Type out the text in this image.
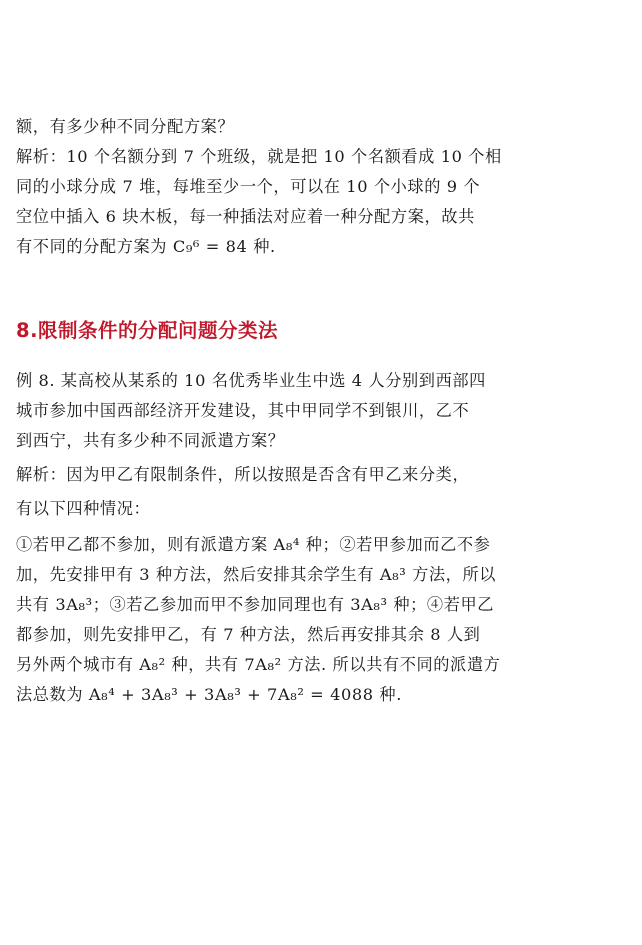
额，有多少种不同分配方案？

解析：10 个名额分到 7 个班级，就是把 10 个名额看成 10 个相

同的小球分成 7 堆，每堆至少一个，可以在 10 个小球的 9 个

空位中插入 6 块木板，每一种插法对应着一种分配方案，故共

有不同的分配方案为 C₉⁶ = 84 种.

8.限制条件的分配问题分类法

例 8. 某高校从某系的 10 名优秀毕业生中选 4 人分别到西部四

城市参加中国西部经济开发建设，其中甲同学不到银川，乙不

到西宁，共有多少种不同派遣方案？

解析：因为甲乙有限制条件，所以按照是否含有甲乙来分类，

有以下四种情况：

①若甲乙都不参加，则有派遣方案 A₈⁴ 种；②若甲参加而乙不参

加，先安排甲有 3 种方法，然后安排其余学生有 A₈³ 方法，所以

共有 3A₈³；③若乙参加而甲不参加同理也有 3A₈³ 种；④若甲乙

都参加，则先安排甲乙，有 7 种方法，然后再安排其余 8 人到

另外两个城市有 A₈² 种，共有 7A₈² 方法. 所以共有不同的派遣方

法总数为 A₈⁴ + 3A₈³ + 3A₈³ + 7A₈² = 4088 种.
